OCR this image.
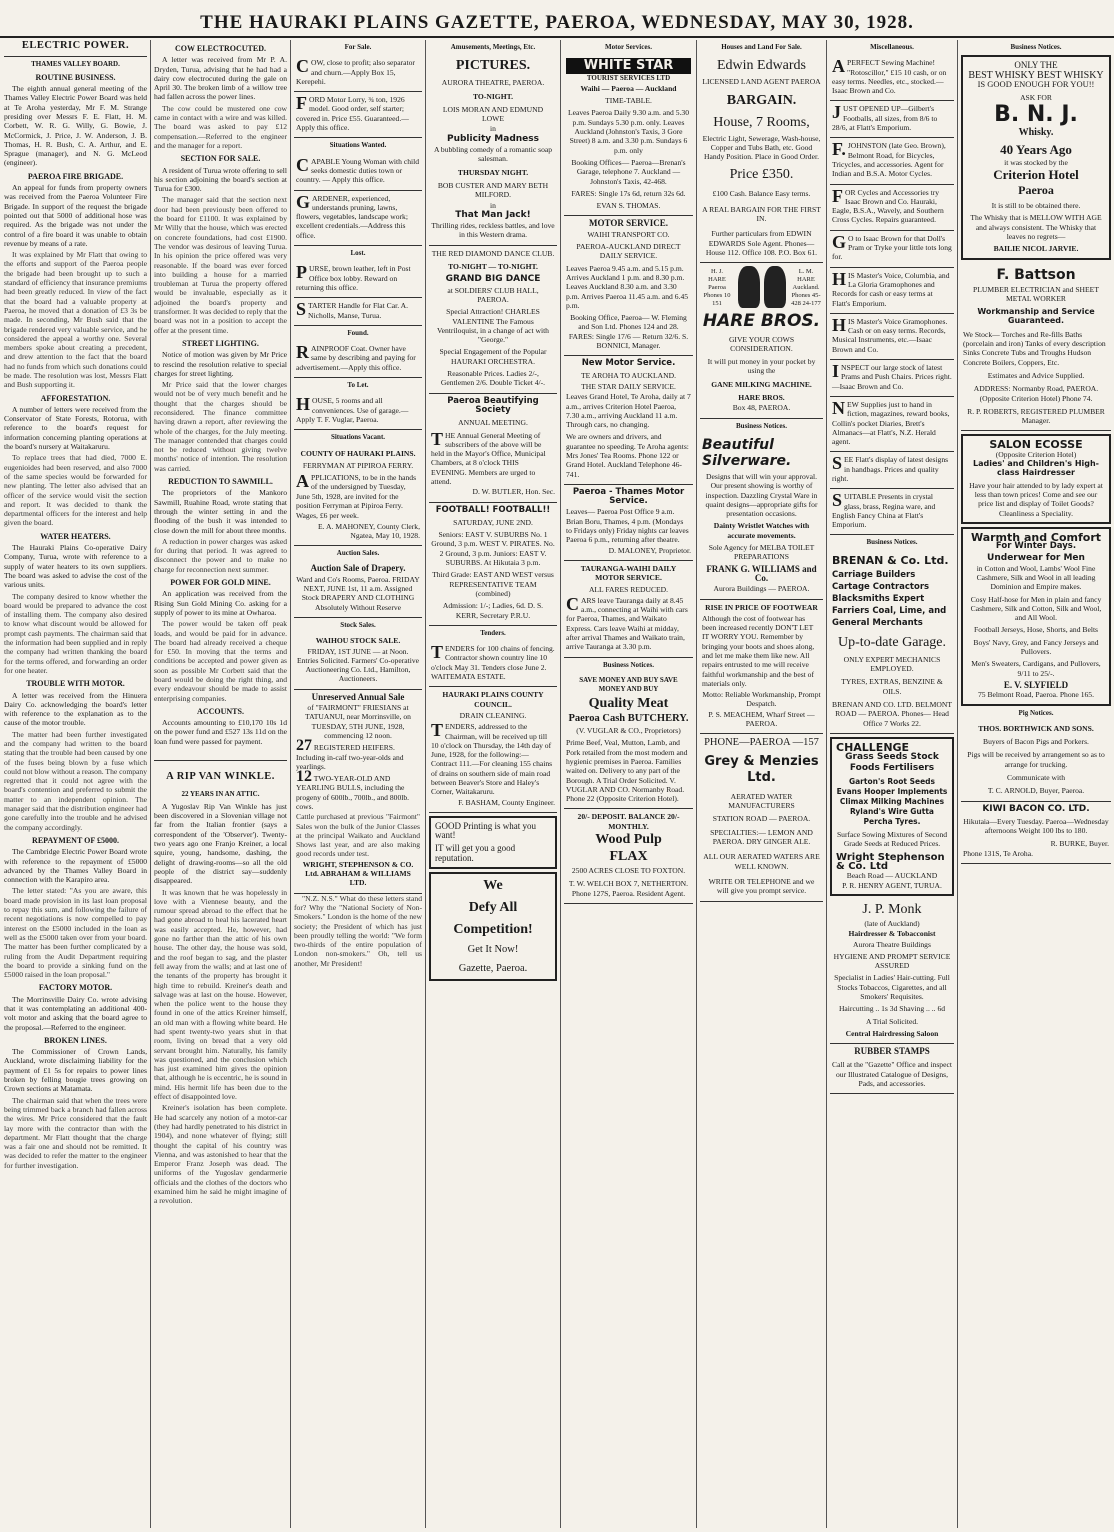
THE HAURAKI PLAINS GAZETTE, PAEROA, WEDNESDAY, MAY 30, 1928.
ELECTRIC POWER.
THAMES VALLEY BOARD.
ROUTINE BUSINESS.

The eighth annual general meeting of the Thames Valley Electric Power Board was held at Te Aroha yesterday, Mr F. M. Strange presiding over Messrs F. E. Flatt, H. M. Corbett, W. R. G. Willy, G. Bowie, J. McCormick, J. Price, J. W. Anderson, J. B. Thomas, H. R. Bush, C. A. Arthur, and E. Sprague (manager), and N. G. McLeod (engineer).

PAEROA FIRE BRIGADE.

An appeal for funds from property owners was received from the Paeroa Volunteer Fire Brigade. In support of the request the brigade pointed out that 5000 of additional hose was required. As the brigade was not under the control of a fire board it was unable to obtain revenue by means of a rate.

It was explained by Mr Flatt that owing to the efforts and support of the Paeroa people the brigade had been brought up to such a standard of efficiency that insurance premiums had been greatly reduced. In view of the fact that the board had a valuable property at Paeroa, he moved that a donation of £3 3s be made. In seconding, Mr Bush said that the brigade rendered very valuable service, and he considered the appeal a worthy one. Several members spoke about creating a precedent, and drew attention to the fact that the board had no funds from which such donations could be made. The resolution was lost, Messrs Flatt and Bush supporting it.

AFFORESTATION.

A number of letters were received from the Conservator of State Forests, Rotorua, with reference to the board's request for information concerning planting operations at the board's nursery at Waitakaruru.

To replace trees that had died, 7000 E. eugenioides had been reserved, and also 7000 of the same species would be forwarded for new planting. The letter also advised that an officer of the service would visit the section and report. It was decided to thank the departmental officers for the interest and help given the board.

WATER HEATERS.

The Hauraki Plains Co-operative Dairy Company, Turua, wrote with reference to a supply of water heaters to its own suppliers. The board was asked to advise the cost of the various units.

The company desired to know whether the board would be prepared to advance the cost of installing them. The company also desired to know what discount would be allowed for prompt cash payments. The chairman said that the information had been supplied and in reply the company had written thanking the board for the terms offered, and forwarding an order for one heater.

TROUBLE WITH MOTOR.

A letter was received from the Hinuera Dairy Co. acknowledging the board's letter with reference to the explanation as to the cause of the motor trouble.

The matter had been further investigated and the company had written to the board stating that the trouble had been caused by one of the fuses being blown by a fuse which could not blow without a reason. The company regretted that it could not agree with the board's contention and preferred to submit the matter to an independent opinion. The manager said that the distribution engineer had gone carefully into the trouble and he advised the company accordingly.

REPAYMENT OF £5000.

The Cambridge Electric Power Board wrote with reference to the repayment of £5000 advanced by the Thames Valley Board in connection with the Karapiro area.

The letter stated: "As you are aware, this board made provision in its last loan proposal to repay this sum, and following the failure of recent negotiations is now compelled to pay interest on the £5000 included in the loan as well as the £5000 taken over from your board. The matter has been further complicated by a ruling from the Audit Department requiring the board to provide a sinking fund on the £5000 raised in the loan proposal."

FACTORY MOTOR.

The Morrinsville Dairy Co. wrote advising that it was contemplating an additional 400-volt motor and asking that the board agree to the proposal.—Referred to the engineer.

BROKEN LINES.

The Commissioner of Crown Lands, Auckland, wrote disclaiming liability for the payment of £1 5s for repairs to power lines broken by felling bougie trees growing on Crown sections at Matamata.

The chairman said that when the trees were being trimmed back a branch had fallen across the wires. Mr Price considered that the fault lay more with the contractor than with the department. Mr Flatt thought that the charge was a fair one and should not be remitted. It was decided to refer the matter to the engineer for further investigation.

COW ELECTROCUTED.

A letter was received from Mr P. A. Dryden, Turua, advising that he had had a dairy cow electrocuted during the gale on April 30. The broken limb of a willow tree had fallen across the power lines.

The cow could be mustered one cow came in contact with a wire and was killed. The board was asked to pay £12 compensation.—Referred to the engineer and the manager for a report.

SECTION FOR SALE.

A resident of Turua wrote offering to sell his section adjoining the board's section at Turua for £300.

The manager said that the section next door had been previously been offered to the board for £1100. It was explained by Mr Willy that the house, which was erected on concrete foundations, had cost £1900. The vendor was desirous of leaving Turua. In his opinion the price offered was very reasonable. If the board was ever forced into building a house for a married troubleman at Turua the property offered would be invaluable, especially as it adjoined the board's property and transformer. It was decided to reply that the board was not in a position to accept the offer at the present time.

STREET LIGHTING.

Notice of motion was given by Mr Price to rescind the resolution relative to special charges for street lighting.

Mr Price said that the lower charges would not be of very much benefit and he thought that the charges should be reconsidered. The finance committee having drawn a report, after reviewing the whole of the charges, for the July meeting. The manager contended that charges could not be reduced without giving twelve months' notice of intention. The resolution was carried.

REDUCTION TO SAWMILL.

The proprietors of the Mankoro Sawmill, Ruahine Road, wrote stating that through the winter setting in and the flooding of the bush it was intended to close down the mill for about three months.

A reduction in power charges was asked for during that period. It was agreed to disconnect the power and to make no charge for reconnection next summer.

POWER FOR GOLD MINE.

An application was received from the Rising Sun Gold Mining Co. asking for a supply of power to its mine at Owharoa.

The power would be taken off peak loads, and would be paid for in advance. The board had already received a cheque for £50. In moving that the terms and conditions be accepted and power given as soon as possible Mr Corbett said that the board would be doing the right thing, and every endeavour should be made to assist enterprising companies.

ACCOUNTS.

Accounts amounting to £10,170 10s 1d on the power fund and £527 13s 11d on the loan fund were passed for payment.

A RIP VAN WINKLE.
22 YEARS IN AN ATTIC.

A Yugoslav Rip Van Winkle has just been discovered in a Slovenian village not far from the Italian frontier (says a correspondent of the 'Observer'). Twenty-two years ago one Franjo Kreiner, a local squire, young, handsome, dashing, the delight of drawing-rooms—so all the old people of the district say—suddenly disappeared.

It was known that he was hopelessly in love with a Viennese beauty, and the rumour spread abroad to the effect that he had gone abroad to heal his lacerated heart was easily accepted. He, however, had gone no farther than the attic of his own house. The other day, the house was sold, and the roof began to sag, and the plaster fell away from the walls; and at last one of the tenants of the property has brought it high time to rebuild. Kreiner's death and salvage was at last on the house. However, when the police went to the house they found in one of the attics Kreiner himself, an old man with a flowing white beard. He had spent twenty-two years shut in that room, living on bread that a very old servant brought him. Naturally, his family was questioned, and the conclusion which has just examined him gives the opinion that, although he is eccentric, he is sound in mind. His hermit life has been due to the effect of disappointed love.

Kreiner's isolation has been complete. He had scarcely any notion of a motor-car (they had hardly penetrated to his district in 1904), and none whatever of flying; still thought the capital of his country was Vienna, and was astonished to hear that the Emperor Franz Joseph was dead. The uniforms of the Yugoslav gendarmerie officials and the clothes of the doctors who examined him he said he might imagine of a revolution.

For Sale.

COW, close to profit; also separator and churn.—Apply Box 15, Kerepehi.

FORD Motor Lorry, ¾ ton, 1926 model. Good order, self starter; covered in. Price £55. Guaranteed.—Apply this office.

Situations Wanted.

CAPABLE Young Woman with child seeks domestic duties town or country. — Apply this office.

GARDENER, experienced, understands pruning, lawns, flowers, vegetables, landscape work; excellent credentials.—Address this office.

Lost.

PURSE, brown leather, left in Post Office box lobby. Reward on returning this office.

STARTER Handle for Flat Car. A. Nicholls, Manse, Turua.

Found.

RAINPROOF Coat. Owner have same by describing and paying for advertisement.—Apply this office.

To Let.

HOUSE, 5 rooms and all conveniences. Use of garage.—Apply T. F. Vuglar, Paeroa.

Situations Vacant.

COUNTY OF HAURAKI PLAINS.

FERRYMAN AT PIPIROA FERRY.

APPLICATIONS, to be in the hands of the undersigned by Tuesday, June 5th, 1928, are invited for the position Ferryman at Pipiroa Ferry.

Wages, £6 per week.

E. A. MAHONEY, County Clerk, Ngatea, May 10, 1928.

Auction Sales.

Auction Sale of Drapery.

Ward and Co's Rooms, Paeroa. FRIDAY NEXT, JUNE 1st, 11 a.m. Assigned Stock DRAPERY AND CLOTHING Absolutely Without Reserve

Stock Sales.

WAIHOU STOCK SALE.

FRIDAY, 1ST JUNE — at Noon. Entries Solicited. Farmers' Co-operative Auctioneering Co. Ltd., Hamilton, Auctioneers.

Unreserved Annual Sale

of "FAIRMONT" FRIESIANS at TATUANUI, near Morrinsville, on TUESDAY, 5TH JUNE, 1928, commencing 12 noon.

27 REGISTERED HEIFERS. Including in-calf two-year-olds and yearlings.

12 TWO-YEAR-OLD AND YEARLING BULLS, including the progeny of 600lb., 700lb., and 800lb. cows.

Cattle purchased at previous "Fairmont" Sales won the bulk of the Junior Classes at the principal Waikato and Auckland Shows last year, and are also making good records under test.

WRIGHT, STEPHENSON & CO. Ltd. ABRAHAM & WILLIAMS LTD.

"N.Z. N.S." What do these letters stand for? Why the "National Society of Non-Smokers." London is the home of the new society; the President of which has just been proudly telling the world: "We form two-thirds of the entire population of London non-smokers." Oh, tell us another, Mr President!

Amusements, Meetings, Etc.

PICTURES.

AURORA THEATRE, PAEROA.

TO-NIGHT.

LOIS MORAN AND EDMUND LOWE

in

Publicity Madness

A bubbling comedy of a romantic soap salesman.

THURSDAY NIGHT.

BOB CUSTER AND MARY BETH MILFORD.

in

That Man Jack!

Thrilling rides, reckless battles, and love in this Western drama.

THE RED DIAMOND DANCE CLUB.

TO-NIGHT — TO-NIGHT.

GRAND BIG DANCE

at SOLDIERS' CLUB HALL, PAEROA.

Special Attraction! CHARLES VALENTINE The Famous Ventriloquist, in a change of act with "George."

Special Engagement of the Popular HAURAKI ORCHESTRA.

Reasonable Prices. Ladies 2/-, Gentlemen 2/6. Double Ticket 4/-.

Paeroa Beautifying Society

ANNUAL MEETING.

THE Annual General Meeting of subscribers of the above will be held in the Mayor's Office, Municipal Chambers, at 8 o'clock THIS EVENING. Members are urged to attend.

D. W. BUTLER, Hon. Sec.

FOOTBALL! FOOTBALL!!

SATURDAY, JUNE 2ND.

Seniors: EAST V. SUBURBS No. 1 Ground, 3 p.m. WEST V. PIRATES. No. 2 Ground, 3 p.m. Juniors: EAST V. SUBURBS. At Hikutaia 3 p.m.

Third Grade: EAST AND WEST versus REPRESENTATIVE TEAM (combined)

Admission: 1/-; Ladies, 6d. D. S. KERR, Secretary P.R.U.

Tenders.

TENDERS for 100 chains of fencing. Contractor shown country line 10 o'clock May 31. Tenders close June 2. WAITEMATA ESTATE.

HAURAKI PLAINS COUNTY COUNCIL.

DRAIN CLEANING.

TENDERS, addressed to the Chairman, will be received up till 10 o'clock on Thursday, the 14th day of June, 1928, for the following:— Contract 111.—For cleaning 155 chains of drains on southern side of main road between Beaver's Store and Haley's Corner, Waitakaruru.

F. BASHAM, County Engineer.

GOOD Printing is what you want!

IT will get you a good reputation.

We

Defy All

Competition!

Get It Now!

Gazette, Paeroa.

Motor Services.
WHITE STAR

TOURIST SERVICES LTD

Waihi — Paeroa — Auckland

TIME-TABLE.

Leaves Paeroa Daily 9.30 a.m. and 5.30 p.m. Sundays 5.30 p.m. only. Leaves Auckland (Johnston's Taxis, 3 Gore Street) 8 a.m. and 3.30 p.m. Sundays 6 p.m. only

Booking Offices— Paeroa—Brenan's Garage, telephone 7. Auckland — Johnston's Taxis, 42-468.

FARES: Single 17s 6d, return 32s 6d.

EVAN S. THOMAS.

MOTOR SERVICE.

WAIHI TRANSPORT CO.

PAEROA-AUCKLAND DIRECT DAILY SERVICE.

Leaves Paeroa 9.45 a.m. and 5.15 p.m. Arrives Auckland 1 p.m. and 8.30 p.m. Leaves Auckland 8.30 a.m. and 3.30 p.m. Arrives Paeroa 11.45 a.m. and 6.45 p.m.

Booking Office, Paeroa— W. Fleming and Son Ltd. Phones 124 and 28. FARES: Single 17/6 — Return 32/6. S. BONNICI, Manager.

New Motor Service.

TE AROHA TO AUCKLAND.

THE STAR DAILY SERVICE.

Leaves Grand Hotel, Te Aroha, daily at 7 a.m., arrives Criterion Hotel Paeroa, 7.30 a.m., arriving Auckland 11 a.m. Through cars, no changing.

We are owners and drivers, and guarantee no speeding. Te Aroha agents: Mrs Jones' Tea Rooms. Phone 122 or Grand Hotel. Auckland Telephone 46-741.

Paeroa - Thames Motor Service.

Leaves— Paeroa Post Office 9 a.m. Brian Boru, Thames, 4 p.m. (Mondays to Fridays only) Friday nights car leaves Paeroa 6 p.m., returning after theatre.

D. MALONEY, Proprietor.

TAURANGA-WAIHI DAILY MOTOR SERVICE.

ALL FARES REDUCED.

CARS leave Tauranga daily at 8.45 a.m., connecting at Waihi with cars for Paeroa, Thames, and Waikato Express. Cars leave Waihi at midday, after arrival Thames and Waikato train, arrive Tauranga at 3.30 p.m.

Business Notices.

SAVE MONEY AND BUY SAVE MONEY AND BUY

Quality Meat

Paeroa Cash BUTCHERY.

(V. VUGLAR & CO., Proprietors)

Prime Beef, Veal, Mutton, Lamb, and Pork retailed from the most modern and hygienic premises in Paeroa. Families waited on. Delivery to any part of the Borough. A Trial Order Solicited. V. VUGLAR AND CO. Normanby Road. Phone 22 (Opposite Criterion Hotel).

20/- DEPOSIT. BALANCE 20/- MONTHLY.

Wood Pulp

FLAX

2500 ACRES CLOSE TO FOXTON.

T. W. WELCH BOX 7, NETHERTON. Phone 127S, Paeroa. Resident Agent.

Houses and Land For Sale.

Edwin Edwards

LICENSED LAND AGENT PAEROA

BARGAIN.

House, 7 Rooms,

Electric Light, Sewerage, Wash-house, Copper and Tubs Bath, etc. Good Handy Position. Place in Good Order.

Price £350.

£100 Cash. Balance Easy terms.

A REAL BARGAIN FOR THE FIRST IN.

Further particulars from EDWIN EDWARDS Sole Agent. Phones—House 112. Office 108. P.O. Box 61.

H. J. HARE Paeroa Phones 10 151

L. M. HARE Auckland. Phones 45-428 24-177

HARE BROS.

GIVE YOUR COWS CONSIDERATION.

It will put money in your pocket by using the

GANE MILKING MACHINE.

HARE BROS.

Box 48, PAEROA.

Business Notices.

Beautiful Silverware.

Designs that will win your approval. Our present showing is worthy of inspection. Dazzling Crystal Ware in quaint designs—appropriate gifts for presentation occasions.

Dainty Wristlet Watches with accurate movements.

Sole Agency for MELBA TOILET PREPARATIONS

FRANK G. WILLIAMS and Co.

Aurora Buildings — PAEROA.

RISE IN PRICE OF FOOTWEAR

Although the cost of footwear has been increased recently DON'T LET IT WORRY YOU. Remember by bringing your boots and shoes along, and let me make them like new. All repairs entrusted to me will receive faithful workmanship and the best of materials only.

Motto: Reliable Workmanship, Prompt Despatch.

P. S. MEACHEM, Wharf Street — PAEROA.

PHONE—PAEROA —157

Grey & Menzies Ltd.

AERATED WATER MANUFACTURERS

STATION ROAD — PAEROA.

SPECIALTIES:— LEMON AND PAEROA. DRY GINGER ALE.

ALL OUR AERATED WATERS ARE WELL KNOWN.

WRITE OR TELEPHONE and we will give you prompt service.

Miscellaneous.

APERFECT Sewing Machine! "Rotoscillor," £15 10 cash, or on easy terms. Needles, etc., stocked.—Isaac Brown and Co.

JUST OPENED UP—Gilbert's Footballs, all sizes, from 8/6 to 28/6, at Flatt's Emporium.

F.JOHNSTON (late Geo. Brown), Belmont Road, for Bicycles, Tricycles, and accessories. Agent for Indian and B.S.A. Motor Cycles.

FOR Cycles and Accessories try Isaac Brown and Co. Hauraki, Eagle, B.S.A., Wavely, and Southern Cross Cycles. Repairs guaranteed.

GO to Isaac Brown for that Doll's Pram or Tryke your little tots long for.

HIS Master's Voice, Columbia, and La Gloria Gramophones and Records for cash or easy terms at Flatt's Emporium.

HIS Master's Voice Gramophones. Cash or on easy terms. Records, Musical Instruments, etc.—Isaac Brown and Co.

INSPECT our large stock of latest Prams and Push Chairs. Prices right.—Isaac Brown and Co.

NEW Supplies just to hand in fiction, magazines, reward books, Collin's pocket Diaries, Brett's Almanacs—at Flatt's, N.Z. Herald agent.

SEE Flatt's display of latest designs in handbags. Prices and quality right.

SUITABLE Presents in crystal glass, brass, Regina ware, and English Fancy China at Flatt's Emporium.

Business Notices.

BRENAN & Co. Ltd.

Carriage Builders Cartage Contractors Blacksmiths Expert Farriers Coal, Lime, and General Merchants

Up-to-date Garage.

ONLY EXPERT MECHANICS EMPLOYED.

TYRES, EXTRAS, BENZINE & OILS.

BRENAN AND CO. LTD. BELMONT ROAD — PAEROA. Phones— Head Office 7 Works 22.

CHALLENGE

Grass Seeds Stock Foods Fertilisers

Garton's Root Seeds Evans Hooper Implements Climax Milking Machines Ryland's Wire Gutta Percha Tyres.

Surface Sowing Mixtures of Second Grade Seeds at Reduced Prices.

Wright Stephenson & Co. Ltd

Beach Road — AUCKLAND

P. R. HENRY AGENT, TURUA.

J. P. Monk

(late of Auckland)

Hairdresser & Tobacconist

Aurora Theatre Buildings

HYGIENE AND PROMPT SERVICE ASSURED

Specialist in Ladies' Hair-cutting. Full Stocks Tobaccos, Cigarettes, and all Smokers' Requisites.

Haircutting .. 1s 3d Shaving .. .. 6d

A Trial Solicited.

Central Hairdressing Saloon

RUBBER STAMPS

Call at the "Gazette" Office and inspect our Illustrated Catalogue of Designs, Pads, and accessories.

Business Notices.

ONLY THE

BEST WHISKY BEST WHISKY

IS GOOD ENOUGH FOR YOU!!

ASK FOR

B. N. J.

Whisky.

40 Years Ago

it was stocked by the

Criterion Hotel

Paeroa

It is still to be obtained there.

The Whisky that is MELLOW WITH AGE and always consistent. The Whisky that leaves no regrets—

BAILIE NICOL JARVIE.

F. Battson

PLUMBER ELECTRICIAN and SHEET METAL WORKER

Workmanship and Service Guaranteed.

We Stock— Torches and Re-fills Baths (porcelain and iron) Tanks of every description Sinks Concrete Tubs and Troughs Hudson Concrete Boilers, Coppers, Etc.

Estimates and Advice Supplied.

ADDRESS: Normanby Road, PAEROA. (Opposite Criterion Hotel) Phone 74.

R. P. ROBERTS, REGISTERED PLUMBER Manager.

SALON ECOSSE

(Opposite Criterion Hotel)

Ladies' and Children's High-class Hairdresser

Have your hair attended to by lady expert at less than town prices! Come and see our price list and display of Toilet Goods? Cleanliness a Speciality.

Warmth and Comfort

For Winter Days.

Underwear for Men

in Cotton and Wool, Lambs' Wool Fine Cashmere, Silk and Wool in all leading Dominion and Empire makes.

Cosy Half-hose for Men in plain and fancy Cashmere, Silk and Cotton, Silk and Wool, and All Wool.

Football Jerseys, Hose, Shorts, and Belts

Boys' Navy, Grey, and Fancy Jerseys and Pullovers.

Men's Sweaters, Cardigans, and Pullovers, 9/11 to 25/-.

E. V. SLYFIELD

75 Belmont Road, Paeroa. Phone 165.

Pig Notices.

THOS. BORTHWICK AND SONS.

Buyers of Bacon Pigs and Porkers.

Pigs will be received by arrangement so as to arrange for trucking.

Communicate with

T. C. ARNOLD, Buyer, Paeroa.

KIWI BACON CO. LTD.

Hikutaia—Every Tuesday. Paeroa—Wednesday afternoons Weight 100 lbs to 180.

R. BURKE, Buyer.

Phone 131S, Te Aroha.
